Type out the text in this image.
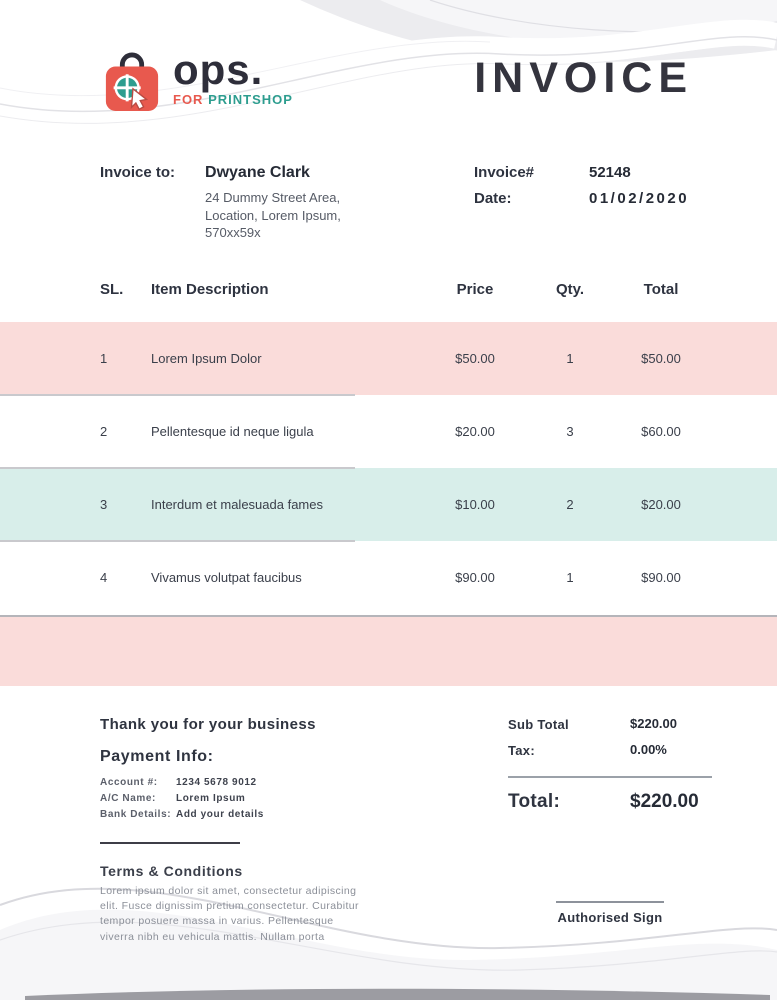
ops.
FOR PRINTSHOP	INVOICE
Invoice to: Dwyane Clark
24 Dummy Street Area,
Location, Lorem Ipsum,
570xx59x
Invoice#	52148
Date:	01/02/2020
SL.	Item Description	Price	Qty.	Total
1	Lorem Ipsum Dolor	$50.00	1	$50.00
2	Pellentesque id neque ligula	$20.00	3	$60.00
3	Interdum et malesuada fames	$10.00	2	$20.00
4	Vivamus volutpat faucibus	$90.00	1	$90.00
Thank you for your business
Payment Info:
Account #:	1234 5678 9012
A/C Name:	Lorem Ipsum
Bank Details: Add your details
Terms & Conditions
Lorem ipsum dolor sit amet, consectetur adipiscing elit. Fusce dignissim pretium consectetur. Curabitur tempor posuere massa in varius. Pellentesque viverra nibh eu vehicula mattis. Nullam porta
Sub Total	$220.00
Tax:	0.00%
Total:	$220.00
Authorised Sign
